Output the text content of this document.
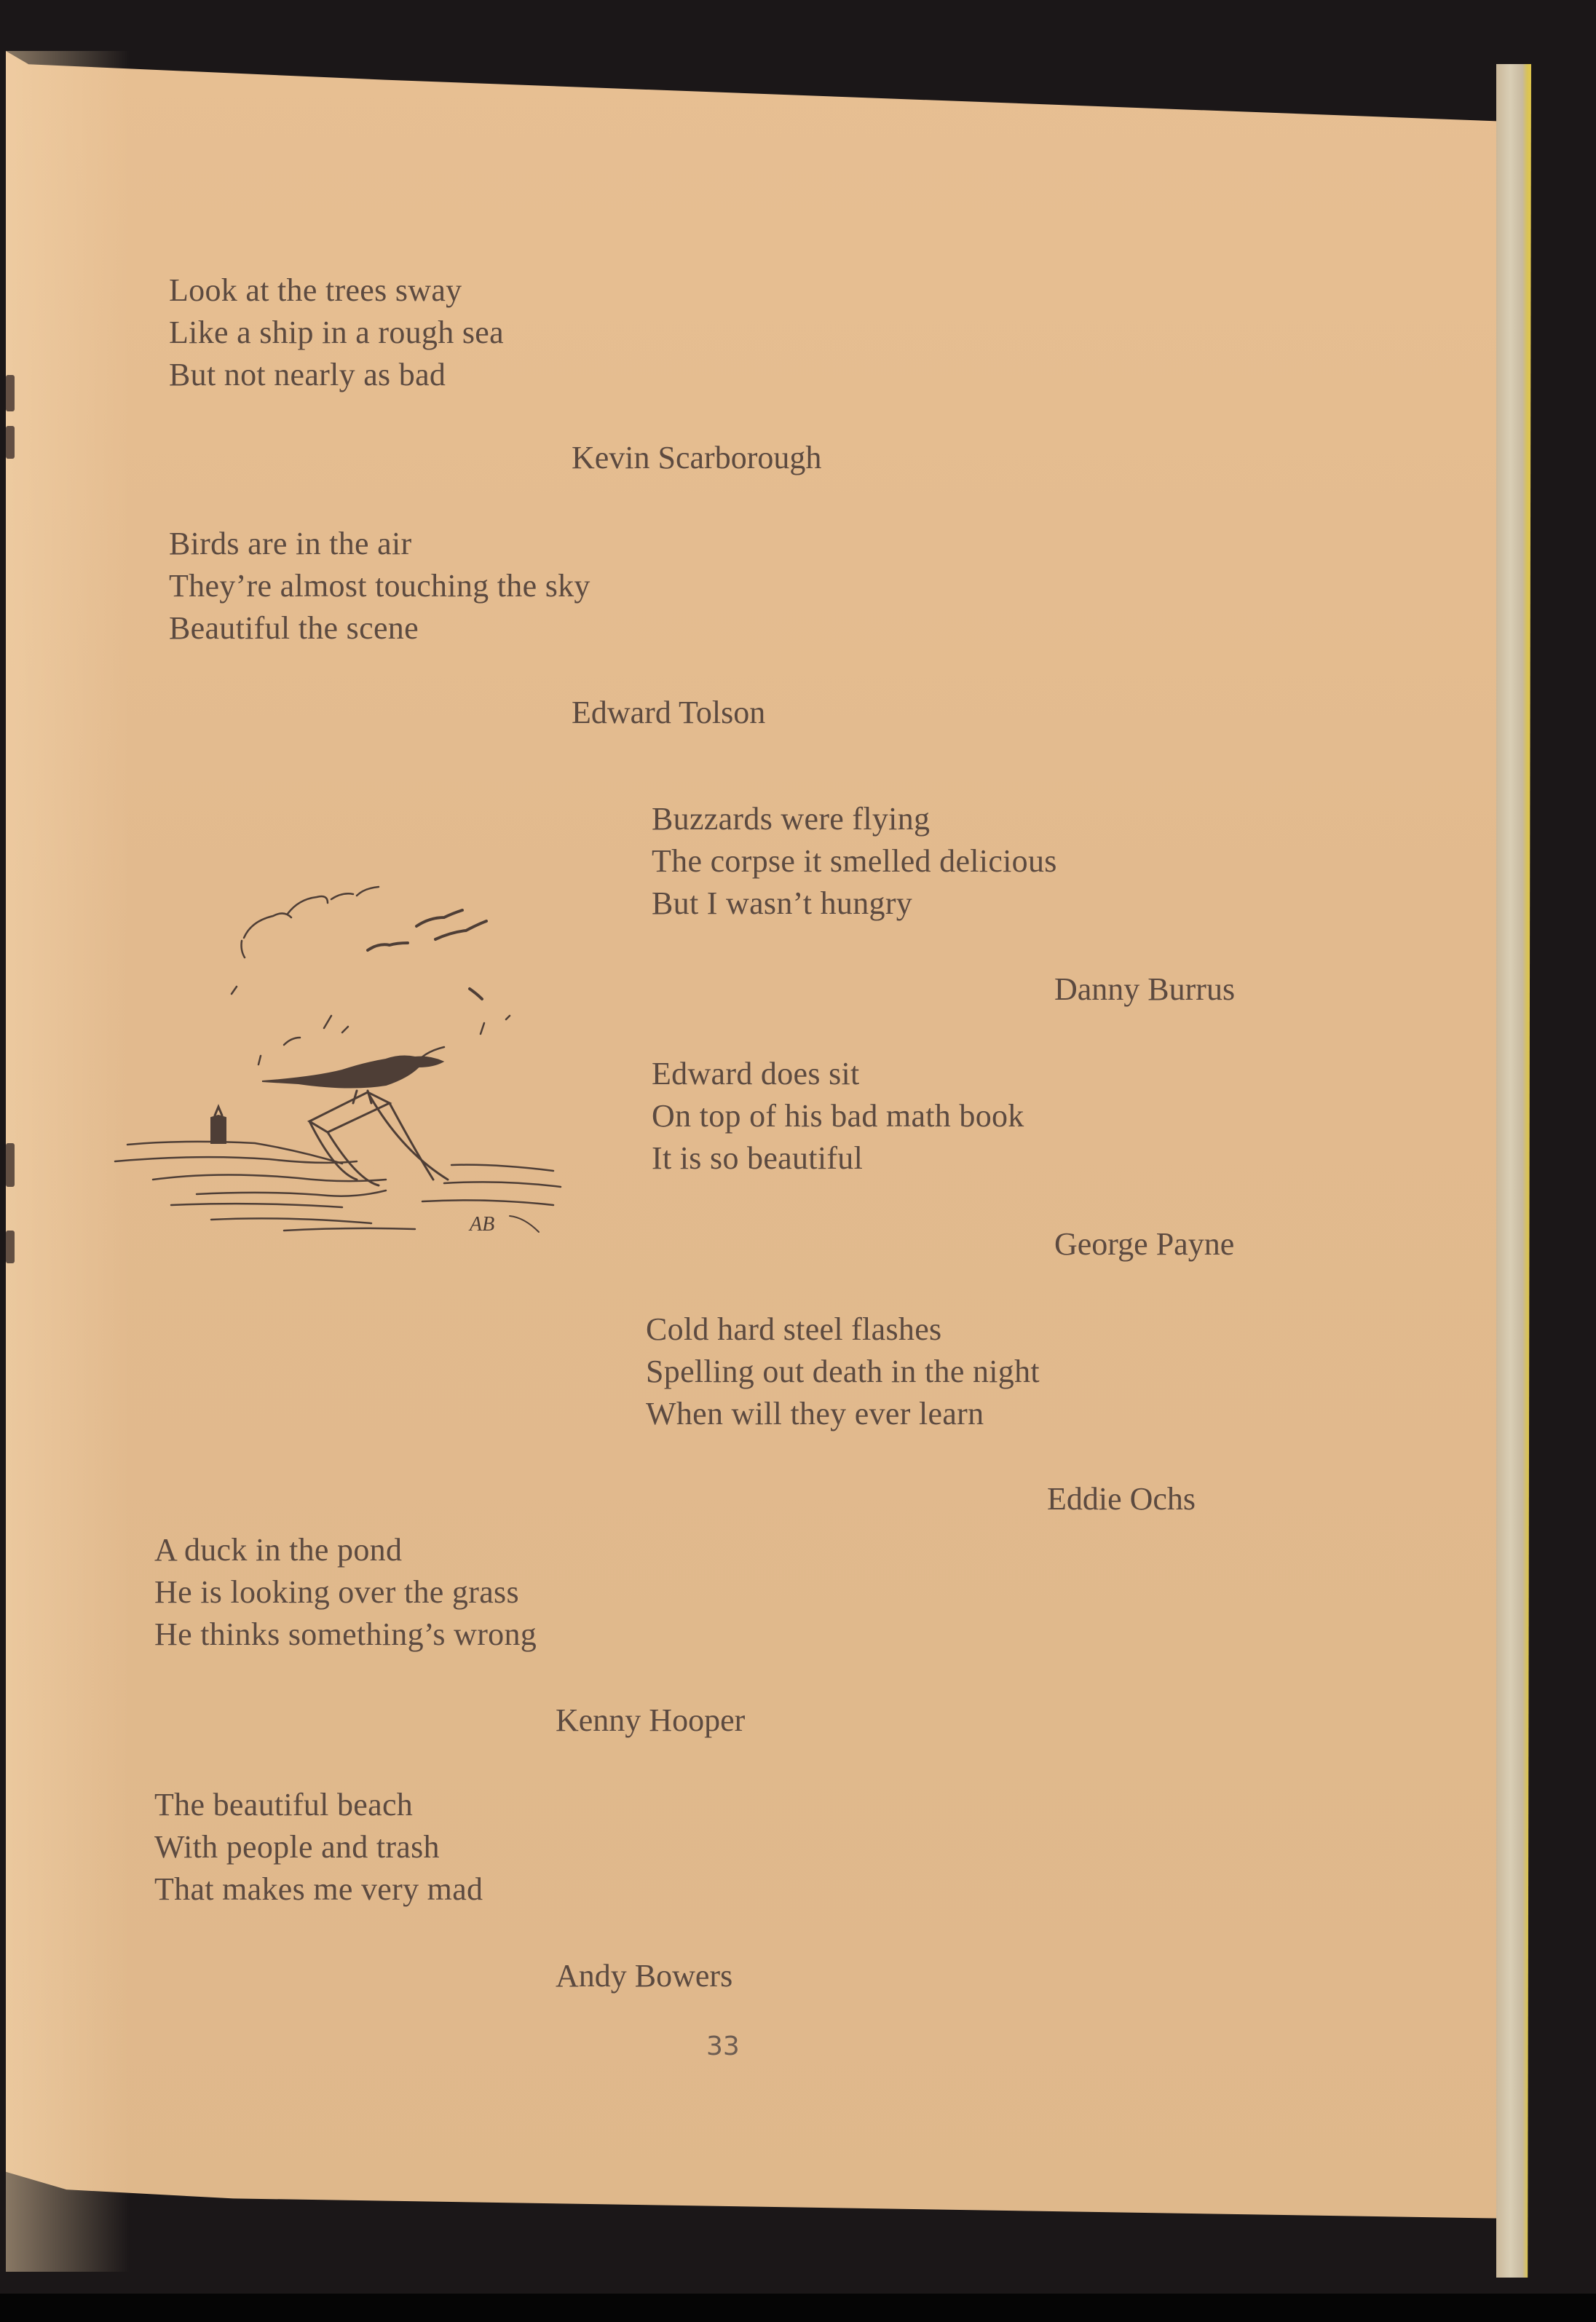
Look at the trees sway
Like a ship in a rough sea
But not nearly as bad
Kevin Scarborough
Birds are in the air
They’re almost touching the sky
Beautiful the scene
Edward Tolson
Buzzards were flying
The corpse it smelled delicious
But I wasn’t hungry
Danny Burrus
Edward does sit
On top of his bad math book
It is so beautiful
George Payne
Cold hard steel flashes
Spelling out death in the night
When will they ever learn
Eddie Ochs
A duck in the pond
He is looking over the grass
He thinks something’s wrong
Kenny Hooper
The beautiful beach
With people and trash
That makes me very mad
Andy Bowers
33
AB
